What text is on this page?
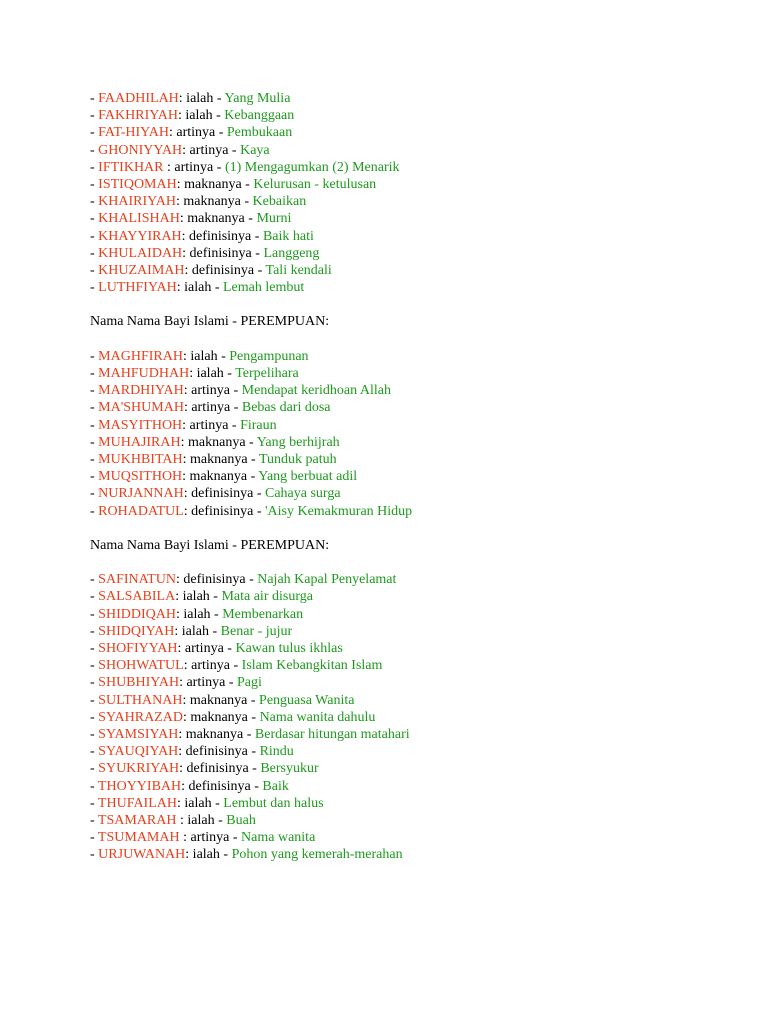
- FAADHILAH: ialah - Yang Mulia
- FAKHRIYAH: ialah - Kebanggaan
- FAT-HIYAH: artinya - Pembukaan
- GHONIYYAH: artinya - Kaya
- IFTIKHAR : artinya - (1) Mengagumkan (2) Menarik
- ISTIQOMAH: maknanya - Kelurusan - ketulusan
- KHAIRIYAH: maknanya - Kebaikan
- KHALISHAH: maknanya - Murni
- KHAYYIRAH: definisinya - Baik hati
- KHULAIDAH: definisinya - Langgeng
- KHUZAIMAH: definisinya - Tali kendali
- LUTHFIYAH: ialah - Lemah lembut
Nama Nama Bayi Islami - PEREMPUAN:
- MAGHFIRAH: ialah - Pengampunan
- MAHFUDHAH: ialah - Terpelihara
- MARDHIYAH: artinya - Mendapat keridhoan Allah
- MA'SHUMAH: artinya - Bebas dari dosa
- MASYITHOH: artinya - Firaun
- MUHAJIRAH: maknanya - Yang berhijrah
- MUKHBITAH: maknanya - Tunduk patuh
- MUQSITHOH: maknanya - Yang berbuat adil
- NURJANNAH: definisinya - Cahaya surga
- ROHADATUL: definisinya - 'Aisy Kemakmuran Hidup
Nama Nama Bayi Islami - PEREMPUAN:
- SAFINATUN: definisinya - Najah Kapal Penyelamat
- SALSABILA: ialah - Mata air disurga
- SHIDDIQAH: ialah - Membenarkan
- SHIDQIYAH: ialah - Benar - jujur
- SHOFIYYAH: artinya - Kawan tulus ikhlas
- SHOHWATUL: artinya - Islam Kebangkitan Islam
- SHUBHIYAH: artinya - Pagi
- SULTHANAH: maknanya - Penguasa Wanita
- SYAHRAZAD: maknanya - Nama wanita dahulu
- SYAMSIYAH: maknanya - Berdasar hitungan matahari
- SYAUQIYAH: definisinya - Rindu
- SYUKRIYAH: definisinya - Bersyukur
- THOYYIBAH: definisinya - Baik
- THUFAILAH: ialah - Lembut dan halus
- TSAMARAH : ialah - Buah
- TSUMAMAH : artinya - Nama wanita
- URJUWANAH: ialah - Pohon yang kemerah-merahan
